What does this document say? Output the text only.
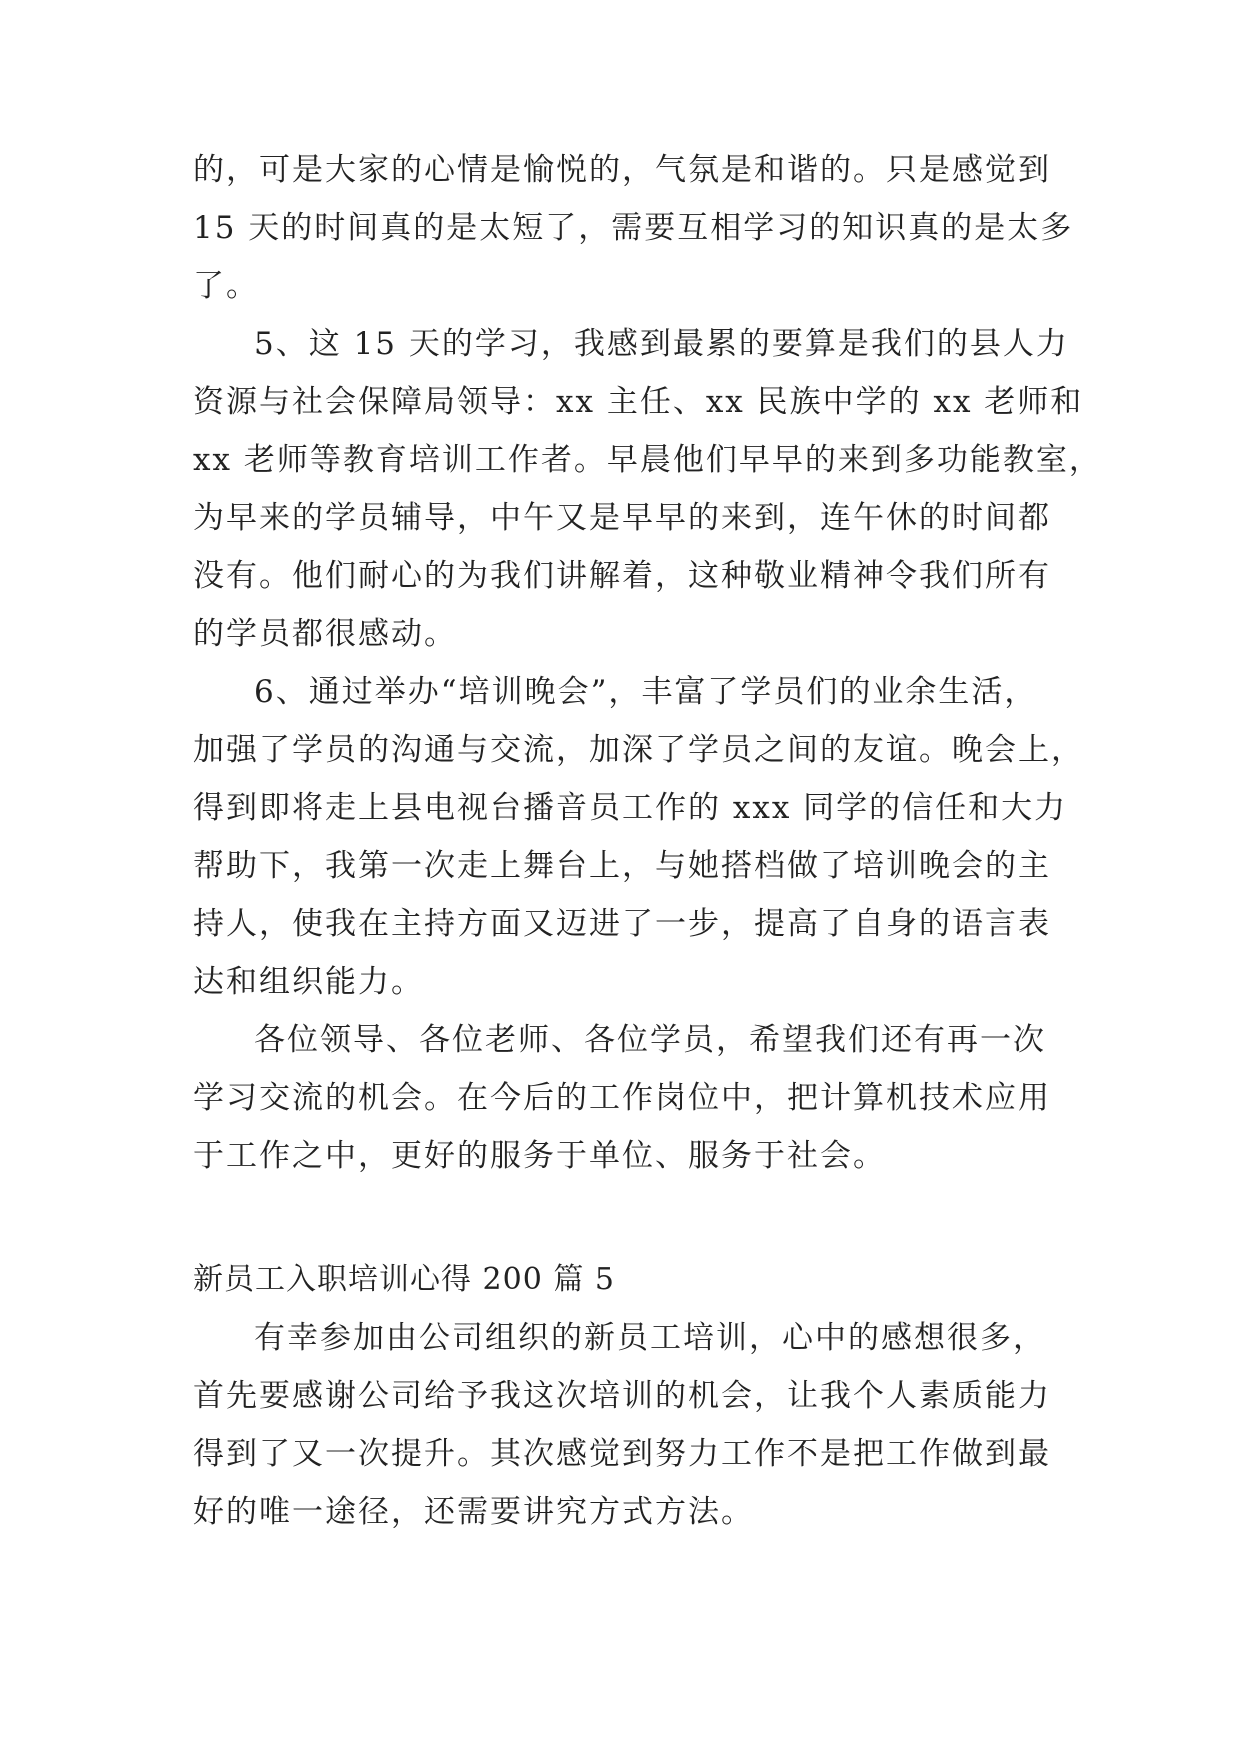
的，可是大家的心情是愉悦的，气氛是和谐的。只是感觉到
15 天的时间真的是太短了，需要互相学习的知识真的是太多
了。
5、这 15 天的学习，我感到最累的要算是我们的县人力
资源与社会保障局领导：xx 主任、xx 民族中学的 xx 老师和
xx 老师等教育培训工作者。早晨他们早早的来到多功能教室，
为早来的学员辅导，中午又是早早的来到，连午休的时间都
没有。他们耐心的为我们讲解着，这种敬业精神令我们所有
的学员都很感动。
6、通过举办“培训晚会”，丰富了学员们的业余生活，
加强了学员的沟通与交流，加深了学员之间的友谊。晚会上，
得到即将走上县电视台播音员工作的 xxx 同学的信任和大力
帮助下，我第一次走上舞台上，与她搭档做了培训晚会的主
持人，使我在主持方面又迈进了一步，提高了自身的语言表
达和组织能力。
各位领导、各位老师、各位学员，希望我们还有再一次
学习交流的机会。在今后的工作岗位中，把计算机技术应用
于工作之中，更好的服务于单位、服务于社会。
新员工入职培训心得 200 篇 5
有幸参加由公司组织的新员工培训，心中的感想很多，
首先要感谢公司给予我这次培训的机会，让我个人素质能力
得到了又一次提升。其次感觉到努力工作不是把工作做到最
好的唯一途径，还需要讲究方式方法。
